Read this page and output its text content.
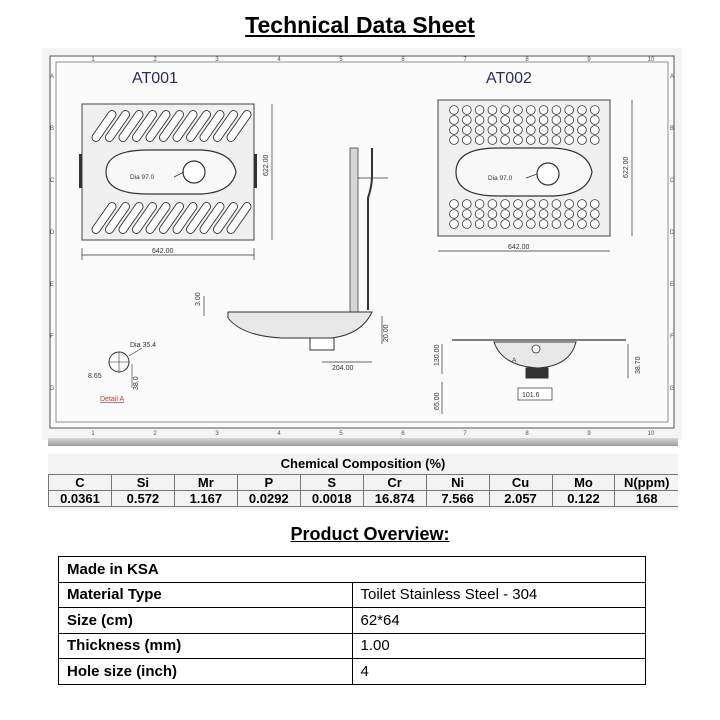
Technical Data Sheet
1
1
2
2
3
3
4
4
5
5
6
6
7
7
8
8
9
9
10
10
A	A
B	B
C	C
D	D
E	E
F	F
G	G
AT001
Dia 97.0
642.00
622.00
AT002
Dia 97.0
642.00
622.00
3.00
20.00
204.00
A
130.00
65.00
38.70
101.6
Dia 35.4
8.65	38.0
Detail A
Chemical Composition (%)
C	Si	Mr	P	S	Cr	Ni	Cu	Mo	N(ppm)
0.0361	0.572	1.167	0.0292	0.0018	16.874	7.566	2.057	0.122	168
Product Overview:
Made in KSA	
Material Type	Toilet Stainless Steel - 304
Size (cm)	62*64
Thickness (mm)	1.00
Hole size (inch)	4
